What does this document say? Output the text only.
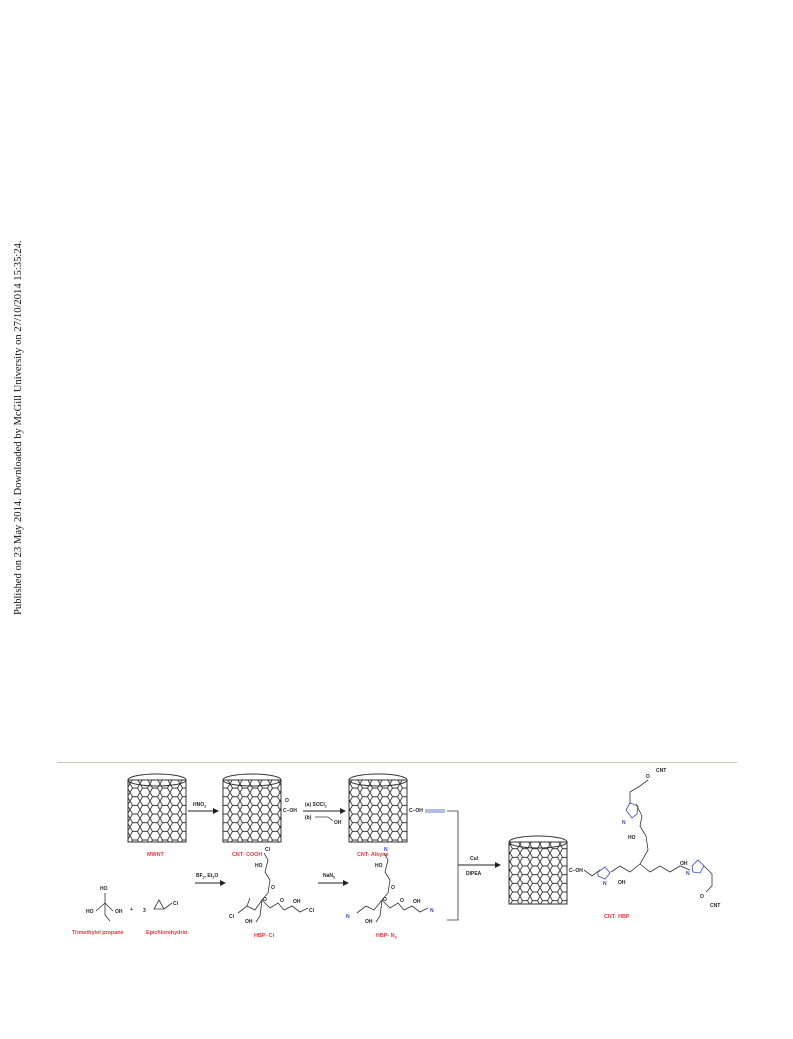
Published on 23 May 2014. Downloaded by McGill University on 27/10/2014 15:35:24.
MWNT	CNT- COOH	CNT- Alkyne
CNT- HBP
$HNO_3$
C–OH
O
(a) SOCl$_2$
(b)
OH
C–OH
CuI
DIPEA
HO
HO
OH + 3
Cl
Trimethylol propane	Epichlorohydrin
$BF_3$. $Et_2O$
Cl
HO
O
O	O
Cl
OH
OH
Cl
HBP- Cl
NaN$_3$
N
HO
O
O	O
N
OH
OH
N
HBP- $N_3$
C–OH
N
N
O
CNT
HO
OH
OH
N
O
CNT
